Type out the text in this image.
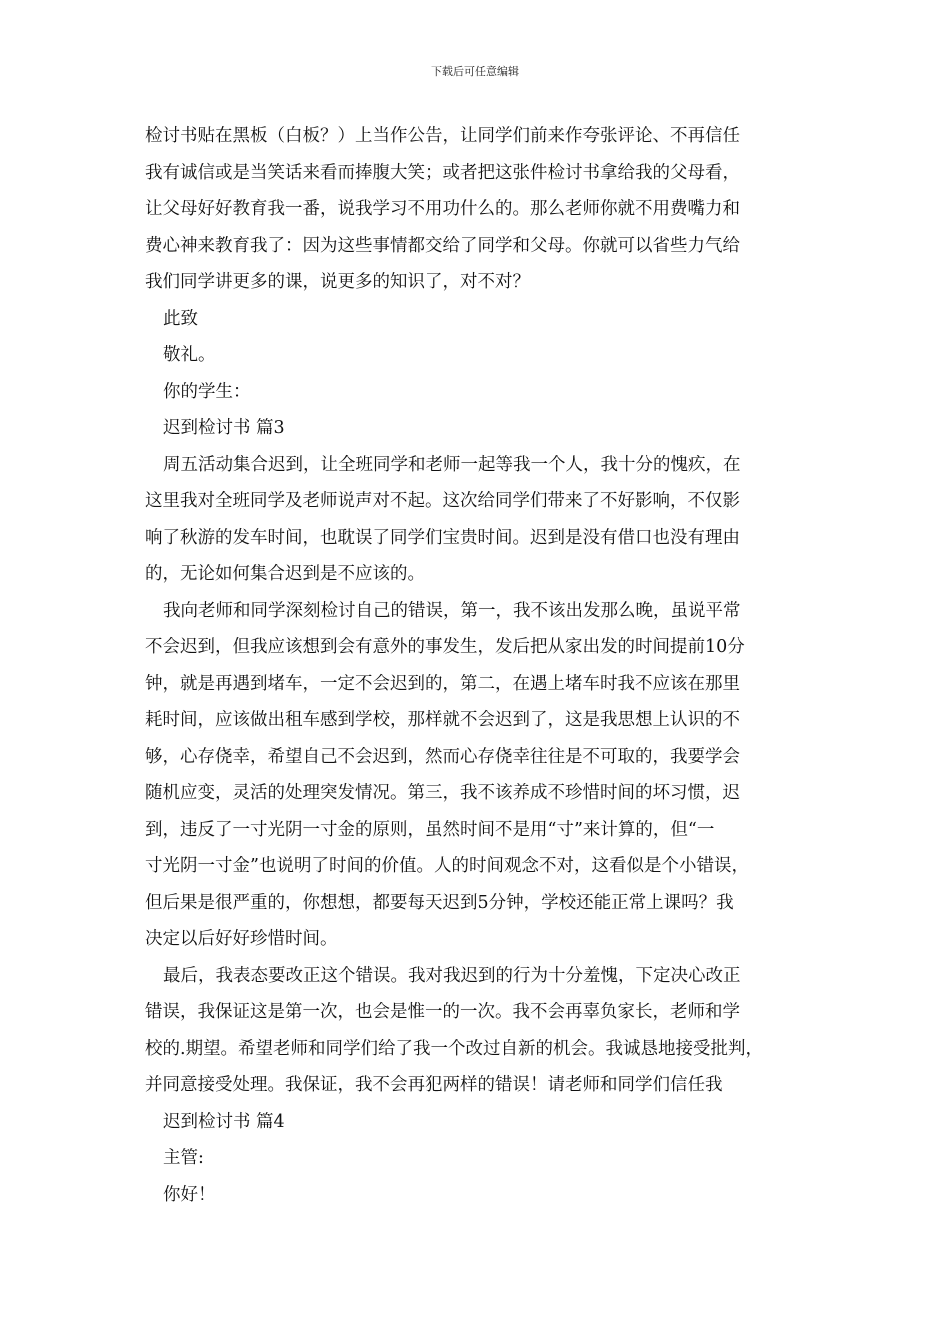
下载后可任意编辑
检讨书贴在黑板（白板？）上当作公告，让同学们前来作夸张评论、不再信任
我有诚信或是当笑话来看而捧腹大笑；或者把这张件检讨书拿给我的父母看，
让父母好好教育我一番，说我学习不用功什么的。那么老师你就不用费嘴力和
费心神来教育我了：因为这些事情都交给了同学和父母。你就可以省些力气给
我们同学讲更多的课，说更多的知识了，对不对？
此致
敬礼。
你的学生：
迟到检讨书 篇3
周五活动集合迟到，让全班同学和老师一起等我一个人，我十分的愧疚，在
这里我对全班同学及老师说声对不起。这次给同学们带来了不好影响，不仅影
响了秋游的发车时间，也耽误了同学们宝贵时间。迟到是没有借口也没有理由
的，无论如何集合迟到是不应该的。
我向老师和同学深刻检讨自己的错误，第一，我不该出发那么晚，虽说平常
不会迟到，但我应该想到会有意外的事发生，发后把从家出发的时间提前10分
钟，就是再遇到堵车，一定不会迟到的，第二，在遇上堵车时我不应该在那里
耗时间，应该做出租车感到学校，那样就不会迟到了，这是我思想上认识的不
够，心存侥幸，希望自己不会迟到，然而心存侥幸往往是不可取的，我要学会
随机应变，灵活的处理突发情况。第三，我不该养成不珍惜时间的坏习惯，迟
到，违反了一寸光阴一寸金的原则，虽然时间不是用“寸”来计算的，但“一
寸光阴一寸金”也说明了时间的价值。人的时间观念不对，这看似是个小错误，
但后果是很严重的，你想想，都要每天迟到5分钟，学校还能正常上课吗？我
决定以后好好珍惜时间。
最后，我表态要改正这个错误。我对我迟到的行为十分羞愧，下定决心改正
错误，我保证这是第一次，也会是惟一的一次。我不会再辜负家长，老师和学
校的.期望。希望老师和同学们给了我一个改过自新的机会。我诚恳地接受批判，
并同意接受处理。我保证，我不会再犯两样的错误！请老师和同学们信任我
迟到检讨书 篇4
主管:
你好！
